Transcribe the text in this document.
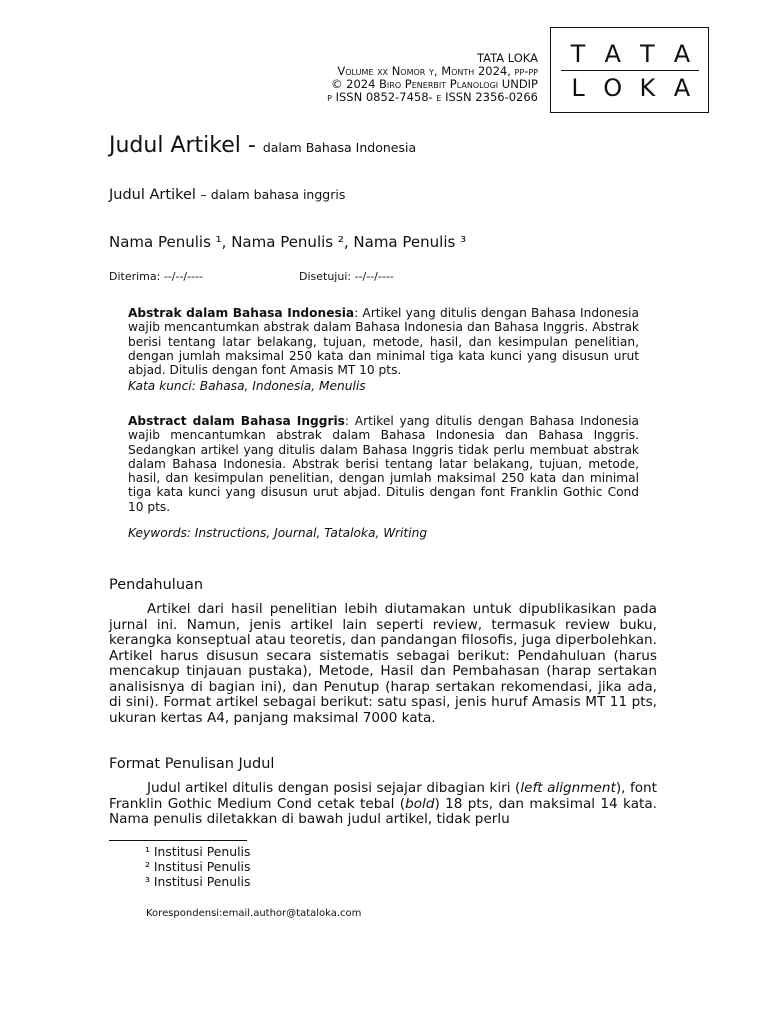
TATA LOKA
Volume xx Nomor y, Month 2024, pp-pp
© 2024 Biro Penerbit Planologi UNDIP
p ISSN 0852-7458- e ISSN 2356-0266
T A T A
L O K A
Judul Artikel - dalam Bahasa Indonesia
Judul Artikel – dalam bahasa inggris
Nama Penulis ¹, Nama Penulis ², Nama Penulis ³
Diterima: --/--/----	Disetujui: --/--/----
Abstrak dalam Bahasa Indonesia: Artikel yang ditulis dengan Bahasa Indonesia wajib mencantumkan abstrak dalam Bahasa Indonesia dan Bahasa Inggris. Abstrak berisi tentang latar belakang, tujuan, metode, hasil, dan kesimpulan penelitian, dengan jumlah maksimal 250 kata dan minimal tiga kata kunci yang disusun urut abjad. Ditulis dengan font Amasis MT 10 pts.
Kata kunci: Bahasa, Indonesia, Menulis
Abstract dalam Bahasa Inggris: Artikel yang ditulis dengan Bahasa Indonesia wajib mencantumkan abstrak dalam Bahasa Indonesia dan Bahasa Inggris. Sedangkan artikel yang ditulis dalam Bahasa Inggris tidak perlu membuat abstrak dalam Bahasa Indonesia. Abstrak berisi tentang latar belakang, tujuan, metode, hasil, dan kesimpulan penelitian, dengan jumlah maksimal 250 kata dan minimal tiga kata kunci yang disusun urut abjad. Ditulis dengan font Franklin Gothic Cond 10 pts.
Keywords: Instructions, Journal, Tataloka, Writing
Pendahuluan
Artikel dari hasil penelitian lebih diutamakan untuk dipublikasikan pada jurnal ini. Namun, jenis artikel lain seperti review, termasuk review buku, kerangka konseptual atau teoretis, dan pandangan filosofis, juga diperbolehkan. Artikel harus disusun secara sistematis sebagai berikut: Pendahuluan (harus mencakup tinjauan pustaka), Metode, Hasil dan Pembahasan (harap sertakan analisisnya di bagian ini), dan Penutup (harap sertakan rekomendasi, jika ada, di sini). Format artikel sebagai berikut: satu spasi, jenis huruf Amasis MT 11 pts, ukuran kertas A4, panjang maksimal 7000 kata.
Format Penulisan Judul
Judul artikel ditulis dengan posisi sejajar dibagian kiri (left alignment), font Franklin Gothic Medium Cond cetak tebal (bold) 18 pts, dan maksimal 14 kata. Nama penulis diletakkan di bawah judul artikel, tidak perlu
¹ Institusi Penulis
² Institusi Penulis
³ Institusi Penulis
Korespondensi:email.author@tataloka.com
